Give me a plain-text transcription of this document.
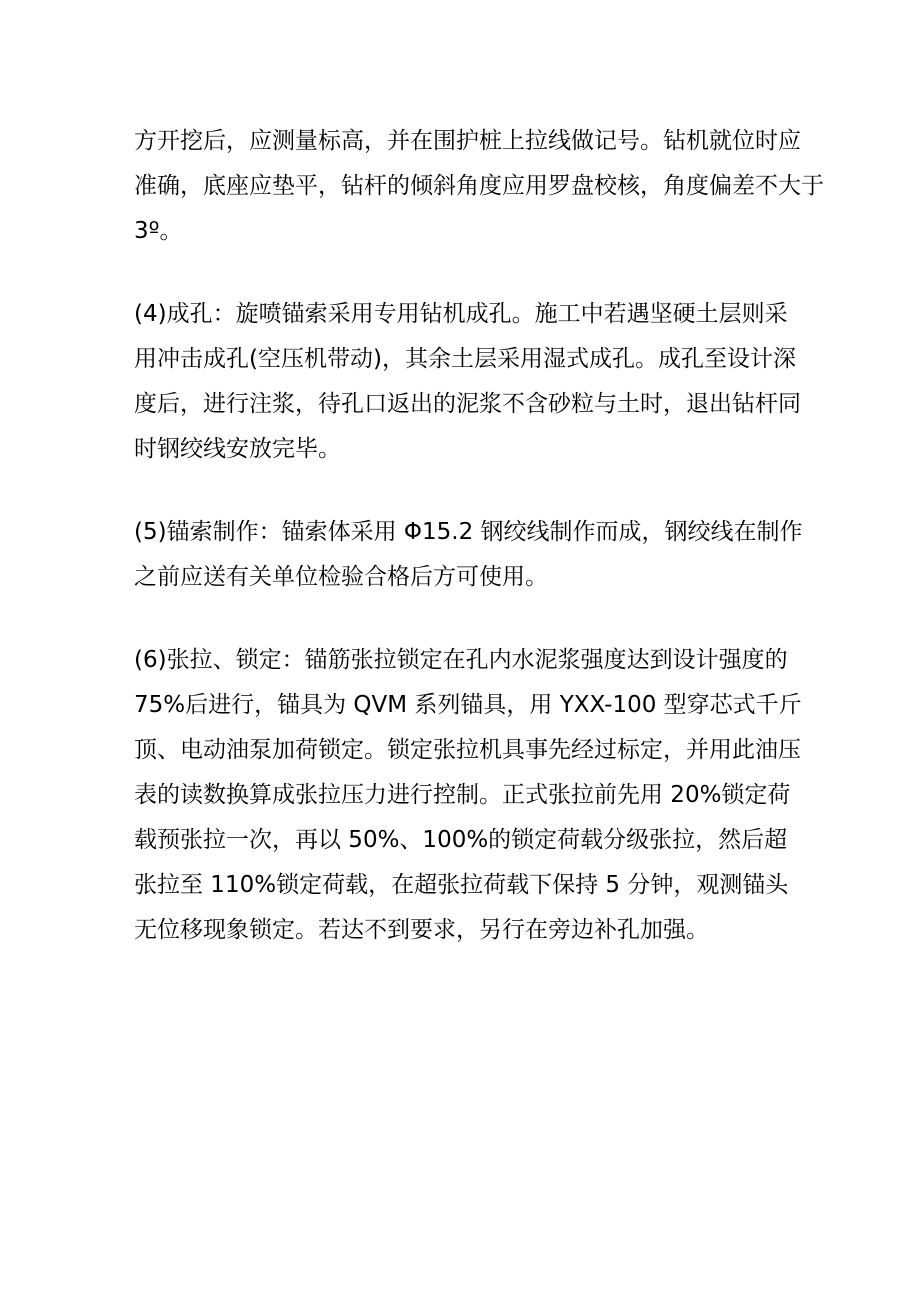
方开挖后，应测量标高，并在围护桩上拉线做记号。钻机就位时应
准确，底座应垫平，钻杆的倾斜角度应用罗盘校核，角度偏差不大于
3º。
(4)成孔：旋喷锚索采用专用钻机成孔。施工中若遇坚硬土层则采
用冲击成孔(空压机带动)，其余土层采用湿式成孔。成孔至设计深
度后，进行注浆，待孔口返出的泥浆不含砂粒与土时，退出钻杆同
时钢绞线安放完毕。
(5)锚索制作：锚索体采用 Φ15.2 钢绞线制作而成，钢绞线在制作
之前应送有关单位检验合格后方可使用。
(6)张拉、锁定：锚筋张拉锁定在孔内水泥浆强度达到设计强度的
75%后进行，锚具为 QVM 系列锚具，用 YXX-100 型穿芯式千斤
顶、电动油泵加荷锁定。锁定张拉机具事先经过标定，并用此油压
表的读数换算成张拉压力进行控制。正式张拉前先用 20%锁定荷
载预张拉一次，再以 50%、100%的锁定荷载分级张拉，然后超
张拉至 110%锁定荷载，在超张拉荷载下保持 5 分钟，观测锚头
无位移现象锁定。若达不到要求，另行在旁边补孔加强。
